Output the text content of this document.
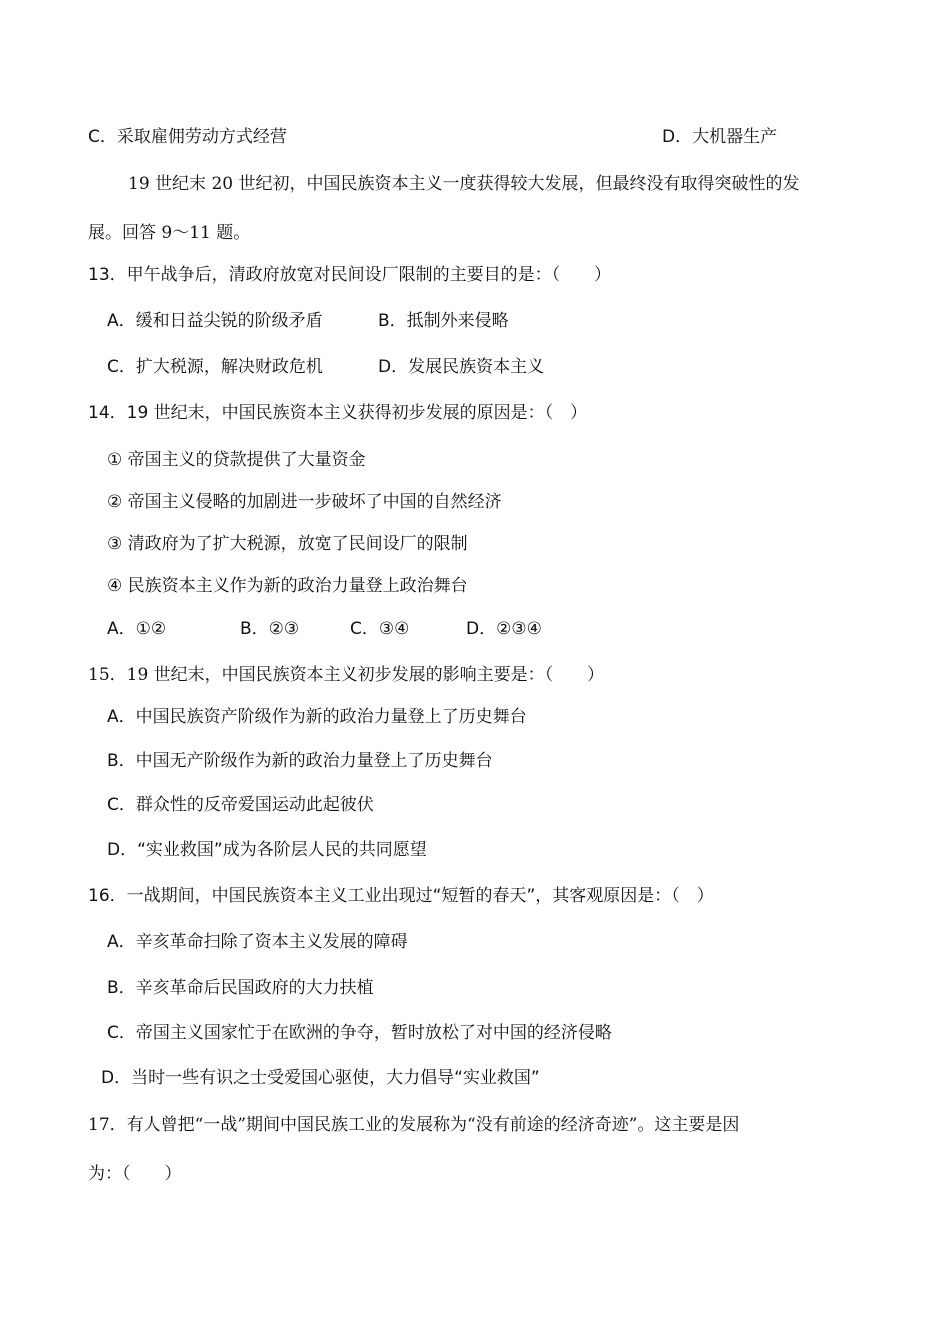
C．采取雇佣劳动方式经营	D．大机器生产
19 世纪末 20 世纪初，中国民族资本主义一度获得较大发展，但最终没有取得突破性的发
展。回答 9～11 题。
13．甲午战争后，清政府放宽对民间设厂限制的主要目的是：（　　）
A．缓和日益尖锐的阶级矛盾	B．抵制外来侵略
C．扩大税源，解决财政危机	D．发展民族资本主义
14．19 世纪末，中国民族资本主义获得初步发展的原因是：（　）
① 帝国主义的贷款提供了大量资金
② 帝国主义侵略的加剧进一步破坏了中国的自然经济
③ 清政府为了扩大税源，放宽了民间设厂的限制
④ 民族资本主义作为新的政治力量登上政治舞台
A．①②	B．②③	C．③④	D．②③④
15．19 世纪末，中国民族资本主义初步发展的影响主要是：（　　）
A．中国民族资产阶级作为新的政治力量登上了历史舞台
B．中国无产阶级作为新的政治力量登上了历史舞台
C．群众性的反帝爱国运动此起彼伏
D．“实业救国”成为各阶层人民的共同愿望
16．一战期间，中国民族资本主义工业出现过“短暂的春天”，其客观原因是：（　）
A．辛亥革命扫除了资本主义发展的障碍
B．辛亥革命后民国政府的大力扶植
C．帝国主义国家忙于在欧洲的争夺，暂时放松了对中国的经济侵略
D．当时一些有识之士受爱国心驱使，大力倡导“实业救国”
17．有人曾把“一战”期间中国民族工业的发展称为“没有前途的经济奇迹”。这主要是因
为：（　　）
